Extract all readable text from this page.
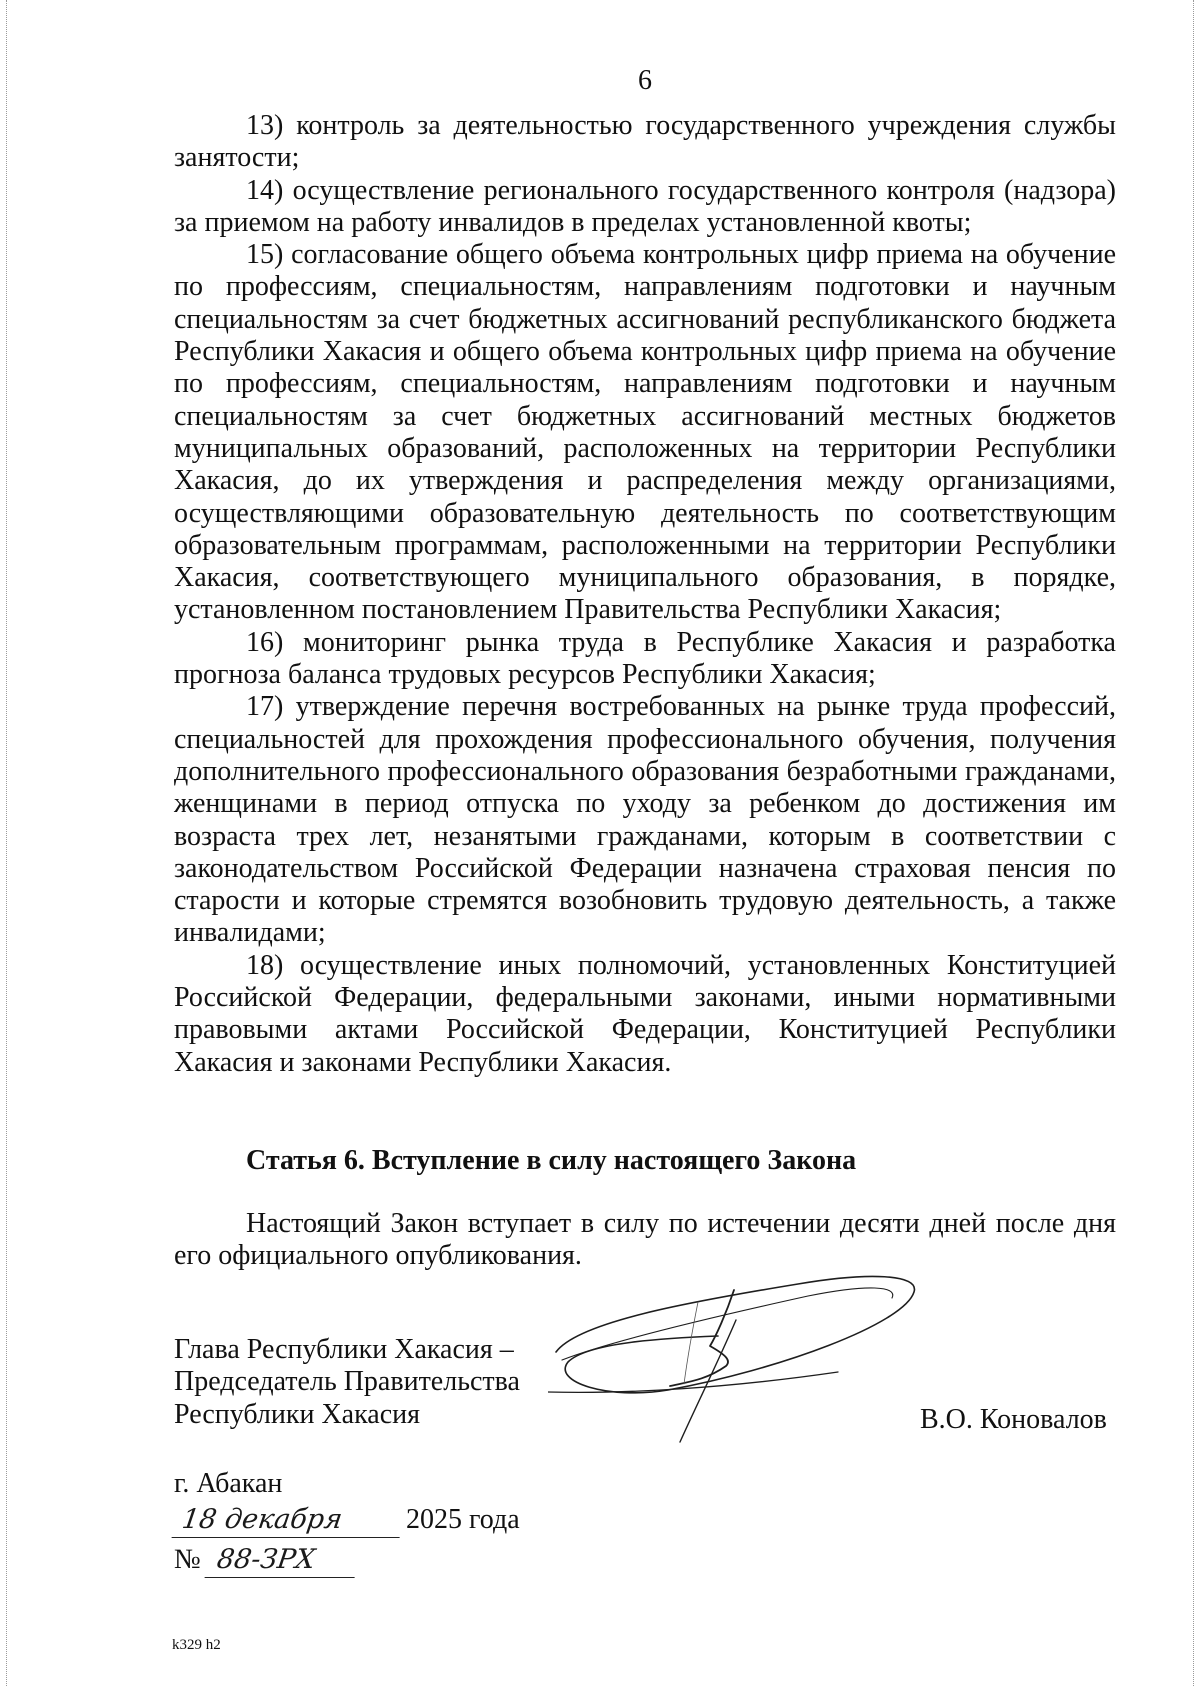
6

13) контроль за деятельностью государственного учреждения службы занятости;

14) осуществление регионального государственного контроля (надзора) за приемом на работу инвалидов в пределах установленной квоты;

15) согласование общего объема контрольных цифр приема на обучение по профессиям, специальностям, направлениям подготовки и научным специальностям за счет бюджетных ассигнований республиканского бюджета Республики Хакасия и общего объема контрольных цифр приема на обучение по профессиям, специальностям, направлениям подготовки и научным специальностям за счет бюджетных ассигнований местных бюджетов муниципальных образований, расположенных на территории Республики Хакасия, до их утверждения и распределения между организациями, осуществляющими образовательную деятельность по соответствующим образовательным программам, расположенными на территории Республики Хакасия, соответствующего муниципального образования, в порядке, установленном постановлением Правительства Республики Хакасия;

16) мониторинг рынка труда в Республике Хакасия и разработка прогноза баланса трудовых ресурсов Республики Хакасия;

17) утверждение перечня востребованных на рынке труда профессий, специальностей для прохождения профессионального обучения, получения дополнительного профессионального образования безработными гражданами, женщинами в период отпуска по уходу за ребенком до достижения им возраста трех лет, незанятыми гражданами, которым в соответствии с законодательством Российской Федерации назначена страховая пенсия по старости и которые стремятся возобновить трудовую деятельность, а также инвалидами;

18) осуществление иных полномочий, установленных Конституцией Российской Федерации, федеральными законами, иными нормативными правовыми актами Российской Федерации, Конституцией Республики Хакасия и законами Республики Хакасия.

Статья 6. Вступление в силу настоящего Закона

Настоящий Закон вступает в силу по истечении десяти дней после дня его официального опубликования.

Глава Республики Хакасия –
Председатель Правительства
Республики Хакасия	В.О. Коновалов
г. Абакан
18 декабря 2025 года
№ 88-ЗРХ
k329 h2
